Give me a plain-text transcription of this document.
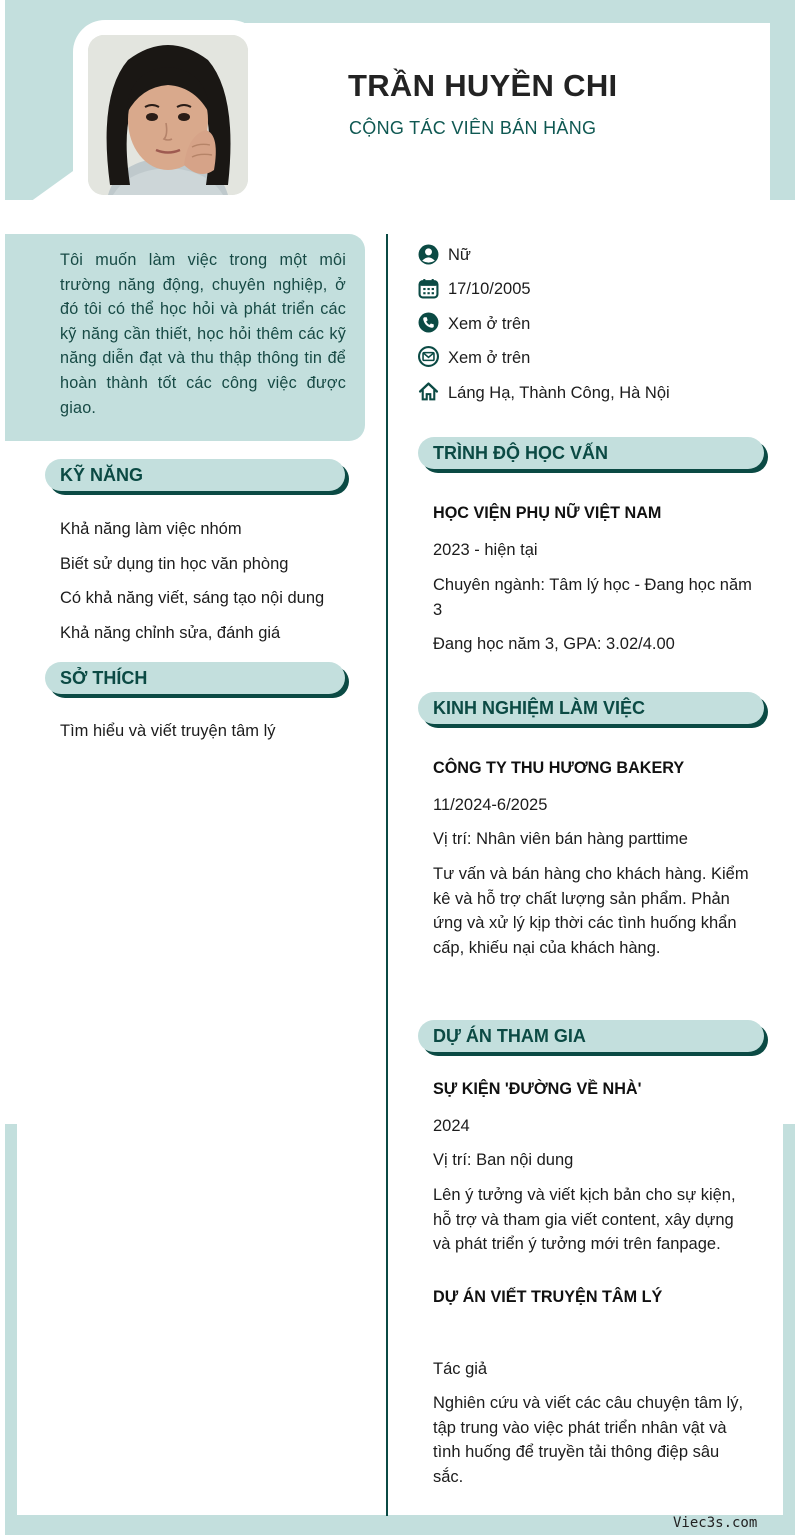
TRẦN HUYỀN CHI
CỘNG TÁC VIÊN BÁN HÀNG

Tôi muốn làm việc trong một môi trường năng động, chuyên nghiệp, ở đó tôi có thể học hỏi và phát triển các kỹ năng cần thiết, học hỏi thêm các kỹ năng diễn đạt và thu thập thông tin để hoàn thành tốt các công việc được giao.

KỸ NĂNG
Khả năng làm việc nhóm
Biết sử dụng tin học văn phòng
Có khả năng viết, sáng tạo nội dung
Khả năng chỉnh sửa, đánh giá
SỞ THÍCH
Tìm hiểu và viết truyện tâm lý
Nữ
17/10/2005
Xem ở trên
Xem ở trên
Láng Hạ, Thành Công, Hà Nội
TRÌNH ĐỘ HỌC VẤN
HỌC VIỆN PHỤ NỮ VIỆT NAM
2023 - hiện tại
Chuyên ngành: Tâm lý học - Đang học năm 3
Đang học năm 3, GPA: 3.02/4.00
KINH NGHIỆM LÀM VIỆC
CÔNG TY THU HƯƠNG BAKERY
11/2024-6/2025
Vị trí: Nhân viên bán hàng parttime
Tư vấn và bán hàng cho khách hàng. Kiểm kê và hỗ trợ chất lượng sản phẩm. Phản ứng và xử lý kịp thời các tình huống khẩn cấp, khiếu nại của khách hàng.
DỰ ÁN THAM GIA
SỰ KIỆN 'ĐƯỜNG VỀ NHÀ'
2024
Vị trí: Ban nội dung
Lên ý tưởng và viết kịch bản cho sự kiện, hỗ trợ và tham gia viết content, xây dựng và phát triển ý tưởng mới trên fanpage.
DỰ ÁN VIẾT TRUYỆN TÂM LÝ
Tác giả
Nghiên cứu và viết các câu chuyện tâm lý, tập trung vào việc phát triển nhân vật và tình huống để truyền tải thông điệp sâu sắc.
Viec3s.com
